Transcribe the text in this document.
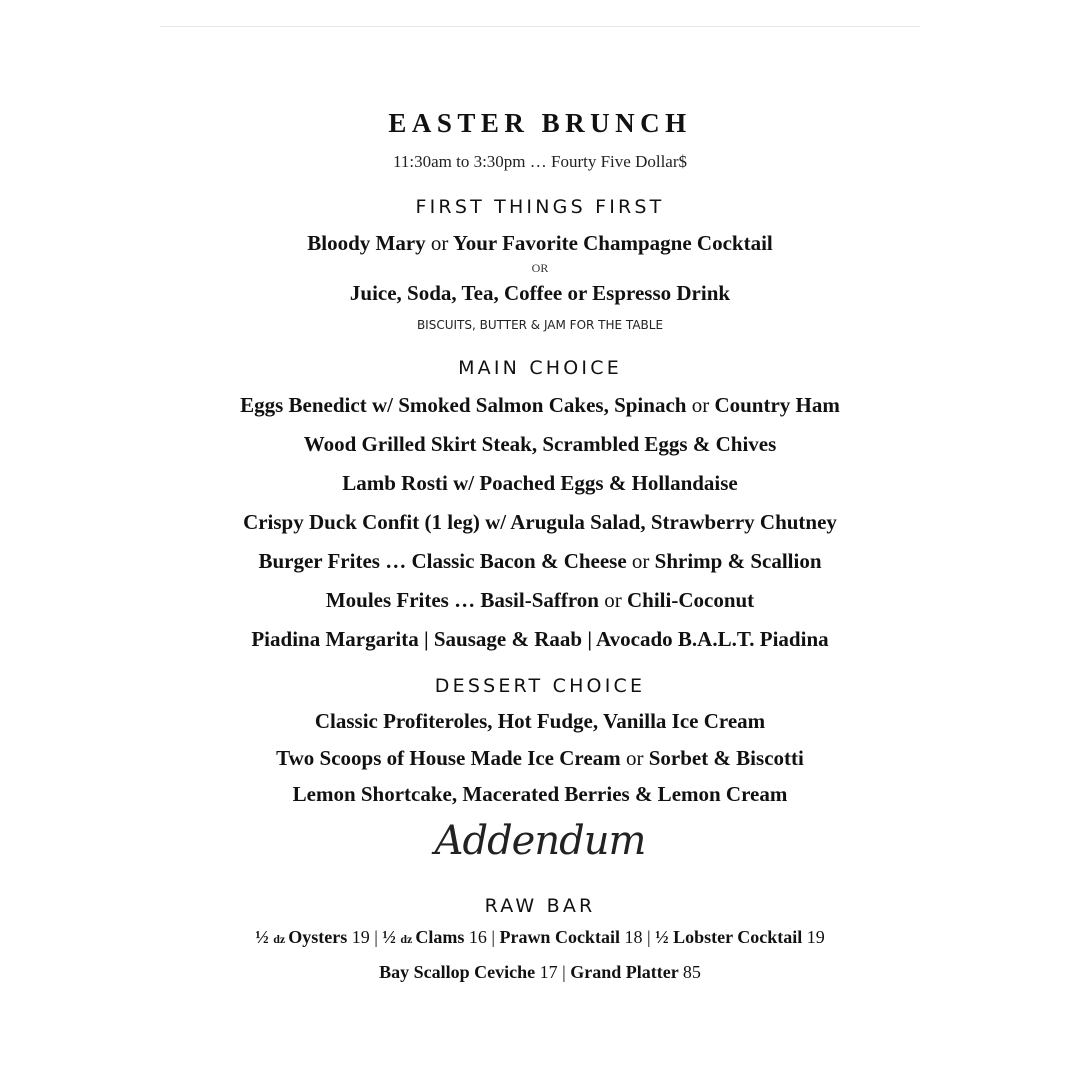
EASTER BRUNCH
11:30am to 3:30pm … Fourty Five Dollar$
FIRST THINGS FIRST
Bloody Mary or Your Favorite Champagne Cocktail
OR
Juice, Soda, Tea, Coffee or Espresso Drink
BISCUITS, BUTTER & JAM FOR THE TABLE
MAIN CHOICE
Eggs Benedict w/ Smoked Salmon Cakes, Spinach or Country Ham
Wood Grilled Skirt Steak, Scrambled Eggs & Chives
Lamb Rosti w/ Poached Eggs & Hollandaise
Crispy Duck Confit (1 leg) w/ Arugula Salad, Strawberry Chutney
Burger Frites … Classic Bacon & Cheese or Shrimp & Scallion
Moules Frites … Basil-Saffron or Chili-Coconut
Piadina Margarita | Sausage & Raab | Avocado B.A.L.T. Piadina
DESSERT CHOICE
Classic Profiteroles, Hot Fudge, Vanilla Ice Cream
Two Scoops of House Made Ice Cream or Sorbet & Biscotti
Lemon Shortcake, Macerated Berries & Lemon Cream
Addendum
RAW BAR
½ dz Oysters 19 | ½ dz Clams 16 | Prawn Cocktail 18 | ½ Lobster Cocktail 19
Bay Scallop Ceviche 17 | Grand Platter 85
